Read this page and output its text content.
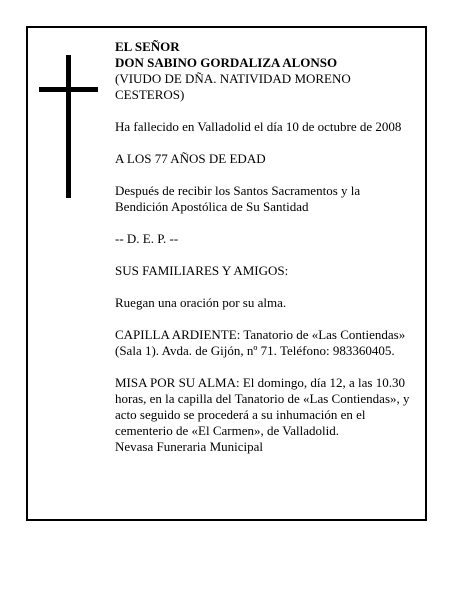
EL SEÑOR
DON SABINO GORDALIZA ALONSO
(VIUDO DE DÑA. NATIVIDAD MORENO
CESTEROS)
Ha fallecido en Valladolid el día 10 de octubre de 2008
A LOS 77 AÑOS DE EDAD
Después de recibir los Santos Sacramentos y la
Bendición Apostólica de Su Santidad
-- D. E. P. --
SUS FAMILIARES Y AMIGOS:
Ruegan una oración por su alma.
CAPILLA ARDIENTE: Tanatorio de «Las Contiendas»
(Sala 1). Avda. de Gijón, nº 71. Teléfono: 983360405.
MISA POR SU ALMA: El domingo, día 12, a las 10.30
horas, en la capilla del Tanatorio de «Las Contiendas», y
acto seguido se procederá a su inhumación en el
cementerio de «El Carmen», de Valladolid.
Nevasa Funeraria Municipal
